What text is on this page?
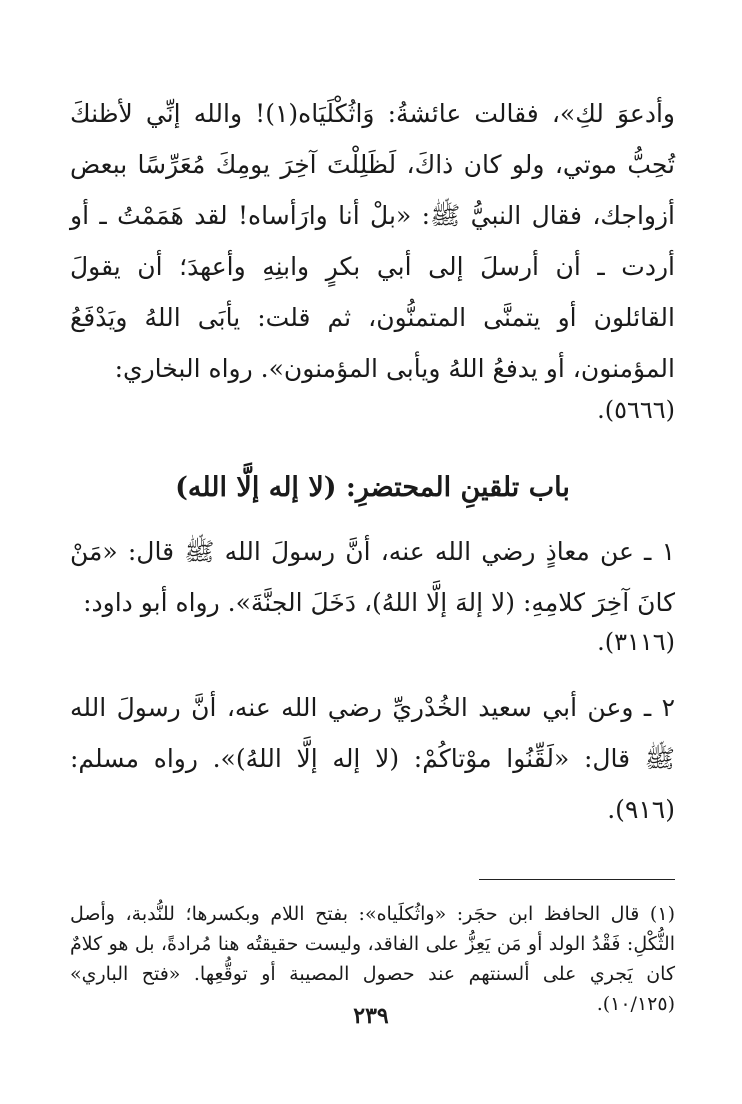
وأدعوَ لكِ»، فقالت عائشةُ: وَاثُكْلَيَاه(١)! والله إنِّي لأظنكَ تُحِبُّ موتي، ولو كان ذاكَ، لَظَلِلْتَ آخِرَ يومِكَ مُعَرِّسًا ببعض أزواجك، فقال النبيُّ ﷺ: «بلْ أنا وارَأساه! لقد هَمَمْتُ ـ أو أردت ـ أن أرسلَ إلى أبي بكرٍ وابنِهِ وأعهدَ؛ أن يقولَ القائلون أو يتمنَّى المتمنُّون، ثم قلت: يأبَى اللهُ ويَدْفَعُ المؤمنون، أو يدفعُ اللهُ ويأبى المؤمنون». رواه البخاري:

(٥٦٦٦).

باب تلقينِ المحتضرِ: (لا إله إلَّا الله)

١ ـ عن معاذٍ رضي الله عنه، أنَّ رسولَ الله ﷺ قال: «مَنْ كانَ آخِرَ كلامِهِ: (لا إلهَ إلَّا اللهُ)، دَخَلَ الجنَّةَ». رواه أبو داود:

(٣١١٦).

٢ ـ وعن أبي سعيد الخُدْريِّ رضي الله عنه، أنَّ رسولَ الله ﷺ قال: «لَقِّنُوا موْتاكُمْ: (لا إله إلَّا اللهُ)». رواه مسلم: (٩١٦).

(١) قال الحافظ ابن حجَر: «واثُكلَياه»: بفتح اللام وبكسرها؛ للنُّدبة، وأصل الثُّكْلِ: فَقْدُ الولد أو مَن يَعِزُّ على الفاقد، وليست حقيقتُه هنا مُرادةً، بل هو كلامٌ كان يَجري على ألسنتهم عند حصول المصيبة أو توقُّعِها. «فتح الباري» (١٠/١٢٥).

٢٣٩
